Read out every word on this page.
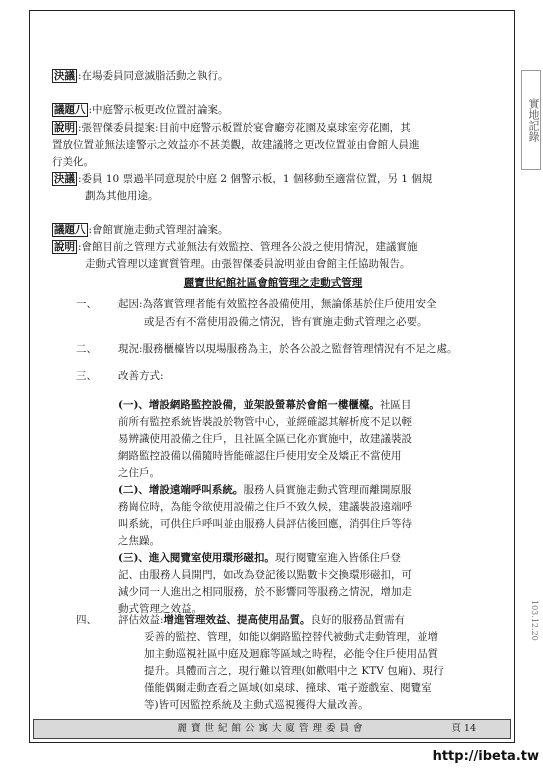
決議 :在場委員同意滅脂活動之執行。
議題八 :中庭警示板更改位置討論案。
說明 :張智傑委員提案:目前中庭警示板置於宴會廳旁花園及桌球室旁花園，其
置放位置並無法達警示之效益亦不甚美觀，故建議將之更改位置並由會館人員進
行美化。
決議 :委員 10 票過半同意現於中庭 2 個警示板，1 個移動至適當位置，另 1 個規
劃為其他用途。
議題八 :會館實施走動式管理討論案。
說明 :會館目前之管理方式並無法有效監控、管理各公設之使用情況，建議實施
走動式管理以達實質管理。由張智傑委員說明並由會館主任協助報告。
麗寶世紀館社區會館管理之走動式管理
一、 起因:為落實管理者能有效監控各設備使用，無論係基於住戶使用安全
或是否有不當使用設備之情況，皆有實施走動式管理之必要。
二、 現況:服務櫃檯皆以現場服務為主，於各公設之監督管理情況有不足之處。
三、 改善方式:
(一)、增設網路監控設備，並架設螢幕於會館一樓櫃檯。社區目
前所有監控系統皆裝設於物管中心，並經確認其解析度不足以輕
易辨識使用設備之住戶，且社區全區已化亦實施中，故建議裝設
網路監控設備以備隨時皆能確認住戶使用安全及矯正不當使用
之住戶。
(二)、增設遠端呼叫系統。服務人員實施走動式管理而離開原服
務崗位時，為能令欲使用設備之住戶不致久候，建議裝設遠端呼
叫系統，可供住戶呼叫並由服務人員評估後回應，消弭住戶等待
之焦躁。
(三)、進入閱覽室使用環形磁扣。現行閱覽室進入皆係住戶登
記、由服務人員開門，如改為登記後以點數卡交換環形磁扣，可
減少同一人進出之相同服務，於不影響同等服務之情況，增加走
動式管理之效益。
四、 評估效益:增進管理效益、提高使用品質。良好的服務品質需有
妥善的監控、管理，如能以網路監控替代被動式走動管理，並增
加主動巡視社區中庭及迴廊等區域之時程，必能令住戶使用品質
提升。具體而言之，現行難以管理(如歡唱中之 KTV 包廂)、現行
僅能偶爾走動查看之區域(如桌球、撞球、電子遊戲室、閱覽室
等)皆可因監控系統及主動式巡視獲得大量改善。
麗寶世紀館公寓大廈管理委員會	頁 14
實地記錄
103.12.20
http://ibeta.tw
